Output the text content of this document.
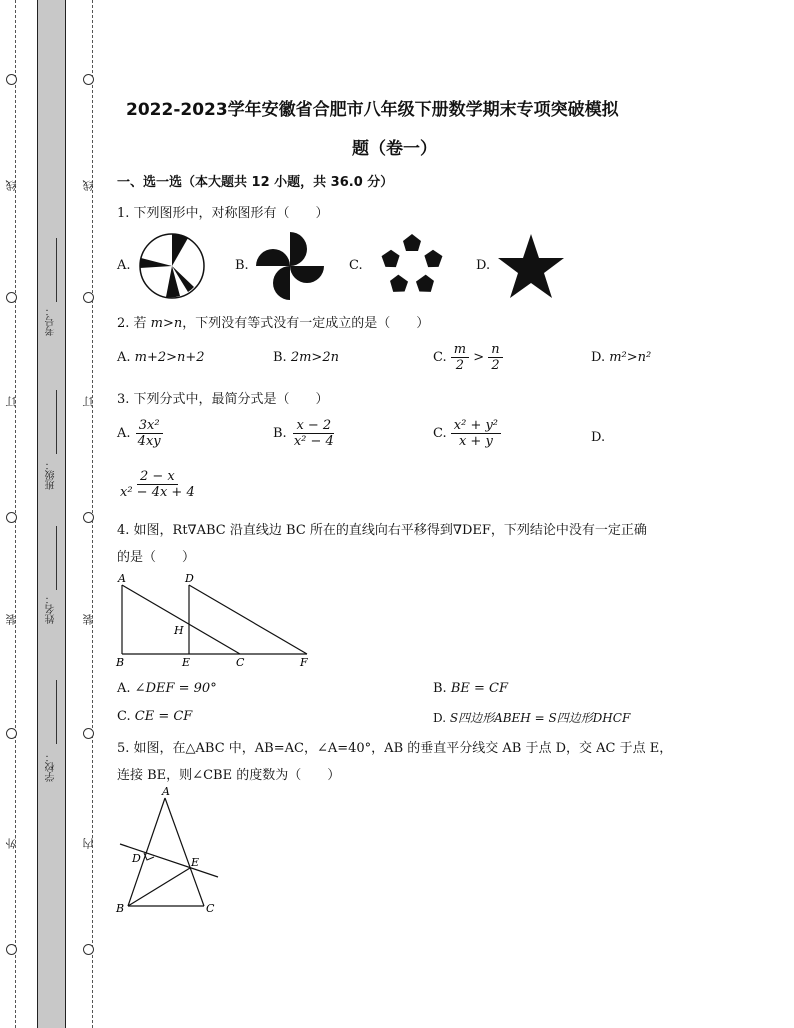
线
订
装
外
线
订
装
内
考号：
班级：
姓名：
学校：
2022-2023学年安徽省合肥市八年级下册数学期末专项突破模拟
题（卷一）
一、选一选（本大题共 12 小题，共 36.0 分）
1. 下列图形中，对称图形有（　　）
A.	B.	C.	D.
2. 若 m>n，下列没有等式没有一定成立的是（　　）
A. m+2>n+2	B. 2m>2n	C. $\frac{m}{2} > \frac{n}{2}$	D. m²>n²
3. 下列分式中，最简分式是（　　）
A. $\frac{\text{3x²}}{4xy}$	B. $\frac{x - 2}{\text{x² − 4}}$	C. $\frac{\text{x² + y²}}{x + y}$	D.
$\frac{2 - x}{\text{x² − 4x + 4}}$
4. 如图，Rt∇ABC 沿直线边 BC 所在的直线向右平移得到∇DEF，下列结论中没有一定正确
的是（　　）
A	D
H
B	E	C	F
A. ∠DEF = 90°	B. BE = CF
C. CE = CF	D. S四边形ABEH = S四边形DHCF
5. 如图，在△ABC 中，AB=AC，∠A=40°，AB 的垂直平分线交 AB 于点 D，交 AC 于点 E，
连接 BE，则∠CBE 的度数为（　　）
A
D	E
B	C
